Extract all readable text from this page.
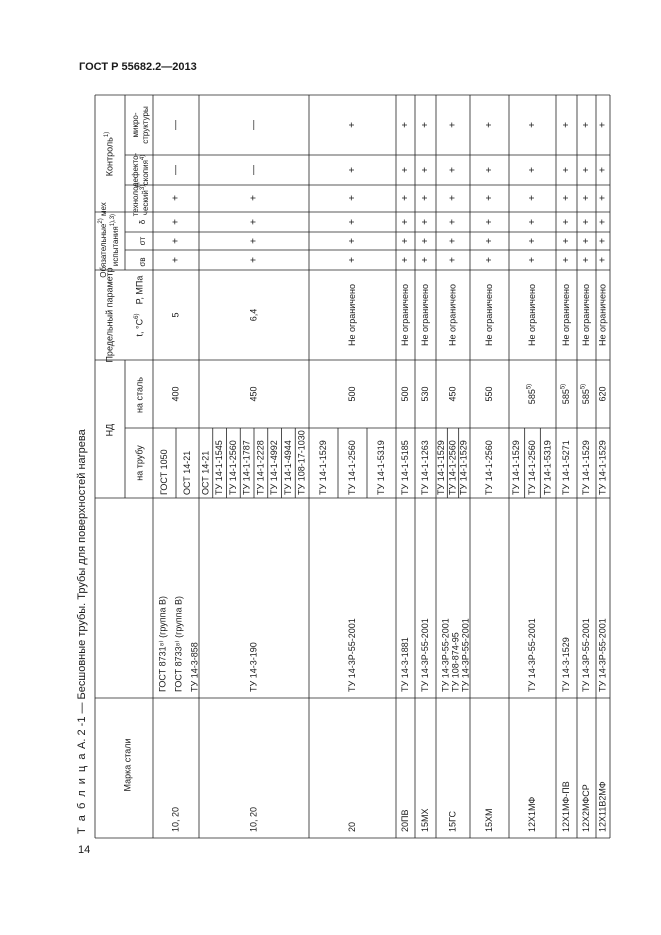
ГОСТ Р 55682.2—2013
Т а б л и ц а А. 2 -1 — Бесшовные трубы. Трубы для поверхностей нагрева
14
Марка стали
НД
на трубу
на сталь
Предельный параметр t, $^\circ C^{6)}$
P, МПа
Обязательные$^{2)}$ мех
испытания$^{1),3)}$
σв
σт
δ
Контроль$^{1)}$
техноло- ческий$^{3)}$
дефекто- скопия$^{4)}$
микро- структуры
10, 20
ГОСТ 8731⁸⁾ (группа В) ГОСТ 8733⁸⁾ (группа В) ТУ 14-3-858
ГОСТ 1050 ОСТ 14-21
400
5
+
+
+
+
—
—
10, 20
ТУ 14-3-190
ОСТ 14-21 ТУ 14-1-1545 ТУ 14-1-2560 ТУ 14-1-1787 ТУ 14-1-2228 ТУ 14-1-4992 ТУ 14-1-4944 ТУ 108-17-1030
450
6,4
+
+
+
+
—
—
20
ТУ 14-3Р-55-2001
ТУ 14-1-1529 ТУ 14-1-2560 ТУ 14-1-5319
500
Не ограничено
+
+
+
+
+
+
20ПВ
ТУ 14-3-1881
ТУ 14-1-5185
500
Не ограничено
+
+
+
+
+
+
15МХ
ТУ 14-3Р-55-2001
ТУ 14-1-1263
530
Не ограничено
+
+
+
+
+
+
15ГС
ТУ 14-3Р-55-2001 ТУ 108-874-95 ТУ 14-3Р-55-2001
ТУ 14-1-1529 ТУ 14-1-2560 ТУ 14-1-1529
450
Не ограничено
+
+
+
+
+
+
15ХМ
ТУ 14-1-2560
550
Не ограничено
+
+
+
+
+
+
12Х1МФ
ТУ 14-3Р-55-2001
ТУ 14-1-1529 ТУ 14-1-2560 ТУ 14-1-5319
585$^{5)}$
Не ограничено
+
+
+
+
+
+
12Х1МФ-ПВ
ТУ 14-3-1529
ТУ 14-1-5271
585$^{5)}$
Не ограничено
+
+
+
+
+
+
12Х2МФСР
ТУ 14-3Р-55-2001
ТУ 14-1-1529
585$^{5)}$
Не ограничено
+
+
+
+
+
+
12Х11В2МФ
ТУ 14-3Р-55-2001
ТУ 14-1-1529
620
Не ограничено
+
+
+
+
+
+
